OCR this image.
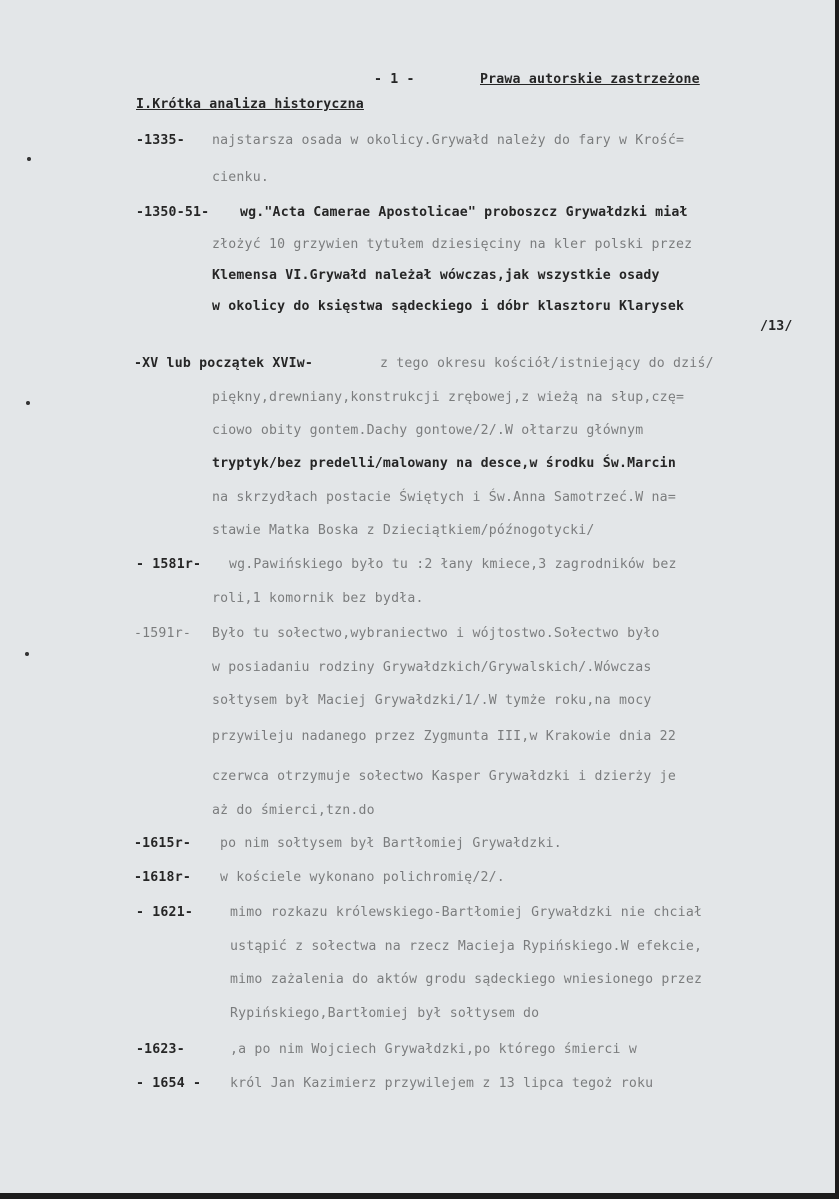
- 1 -	Prawa autorskie zastrzeżone
I.Krótka analiza historyczna
-1335- najstarsza osada w okolicy.Grywałd należy do fary w Krość=
cienku.
-1350-51- wg."Acta Camerae Apostolicae" proboszcz Grywałdzki miał
złożyć 10 grzywien tytułem dziesięciny na kler polski przez
Klemensa VI.Grywałd należał wówczas,jak wszystkie osady
w okolicy do księstwa sądeckiego i dóbr klasztoru Klarysek
/13/
-XV lub początek XVIw-	z tego okresu kościół/istniejący do dziś/
piękny,drewniany,konstrukcji zrębowej,z wieżą na słup,czę=
ciowo obity gontem.Dachy gontowe/2/.W ołtarzu głównym
tryptyk/bez predelli/malowany na desce,w środku Św.Marcin
na skrzydłach postacie Świętych i Św.Anna Samotrzeć.W na=
stawie Matka Boska z Dzieciątkiem/późnogotycki/
- 1581r- wg.Pawińskiego było tu :2 łany kmiece,3 zagrodników bez
roli,1 komornik bez bydła.
-1591r- Było tu sołectwo,wybraniectwo i wójtostwo.Sołectwo było
w posiadaniu rodziny Grywałdzkich/Grywalskich/.Wówczas
sołtysem był Maciej Grywałdzki/1/.W tymże roku,na mocy
przywileju nadanego przez Zygmunta III,w Krakowie dnia 22
czerwca otrzymuje sołectwo Kasper Grywałdzki i dzierży je
aż do śmierci,tzn.do
-1615r- po nim sołtysem był Bartłomiej Grywałdzki.
-1618r- w kościele wykonano polichromię/2/.
- 1621-	mimo rozkazu królewskiego-Bartłomiej Grywałdzki nie chciał
ustąpić z sołectwa na rzecz Macieja Rypińskiego.W efekcie,
mimo zażalenia do aktów grodu sądeckiego wniesionego przez
Rypińskiego,Bartłomiej był sołtysem do
-1623-	,a po nim Wojciech Grywałdzki,po którego śmierci w
- 1654 - król Jan Kazimierz przywilejem z 13 lipca tegoż roku
